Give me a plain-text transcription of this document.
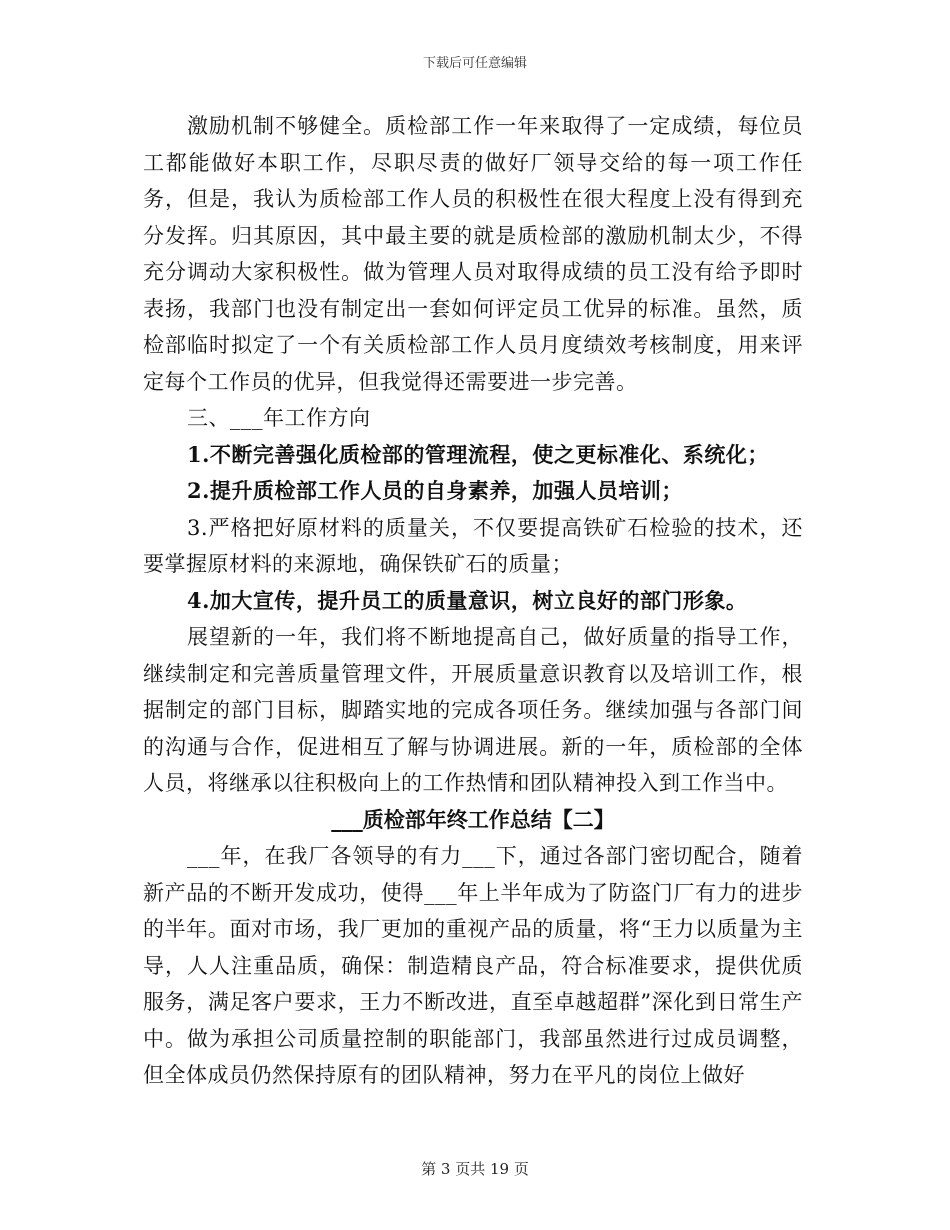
下载后可任意编辑

激励机制不够健全。质检部工作一年来取得了一定成绩，每位员工都能做好本职工作，尽职尽责的做好厂领导交给的每一项工作任务，但是，我认为质检部工作人员的积极性在很大程度上没有得到充分发挥。归其原因，其中最主要的就是质检部的激励机制太少，不得充分调动大家积极性。做为管理人员对取得成绩的员工没有给予即时表扬，我部门也没有制定出一套如何评定员工优异的标准。虽然，质检部临时拟定了一个有关质检部工作人员月度绩效考核制度，用来评定每个工作员的优异，但我觉得还需要进一步完善。

三、___年工作方向

1.不断完善强化质检部的管理流程，使之更标准化、系统化；

2.提升质检部工作人员的自身素养，加强人员培训；

3.严格把好原材料的质量关，不仅要提高铁矿石检验的技术，还要掌握原材料的来源地，确保铁矿石的质量；

4.加大宣传，提升员工的质量意识，树立良好的部门形象。

展望新的一年，我们将不断地提高自己，做好质量的指导工作，继续制定和完善质量管理文件，开展质量意识教育以及培训工作，根据制定的部门目标，脚踏实地的完成各项任务。继续加强与各部门间的沟通与合作，促进相互了解与协调进展。新的一年，质检部的全体人员，将继承以往积极向上的工作热情和团队精神投入到工作当中。

___质检部年终工作总结【二】

___年，在我厂各领导的有力___下，通过各部门密切配合，随着新产品的不断开发成功，使得___年上半年成为了防盗门厂有力的进步的半年。面对市场，我厂更加的重视产品的质量，将“王力以质量为主导，人人注重品质，确保：制造精良产品，符合标准要求，提供优质服务，满足客户要求，王力不断改进，直至卓越超群”深化到日常生产中。做为承担公司质量控制的职能部门，我部虽然进行过成员调整，但全体成员仍然保持原有的团队精神，努力在平凡的岗位上做好

第 3 页共 19 页
